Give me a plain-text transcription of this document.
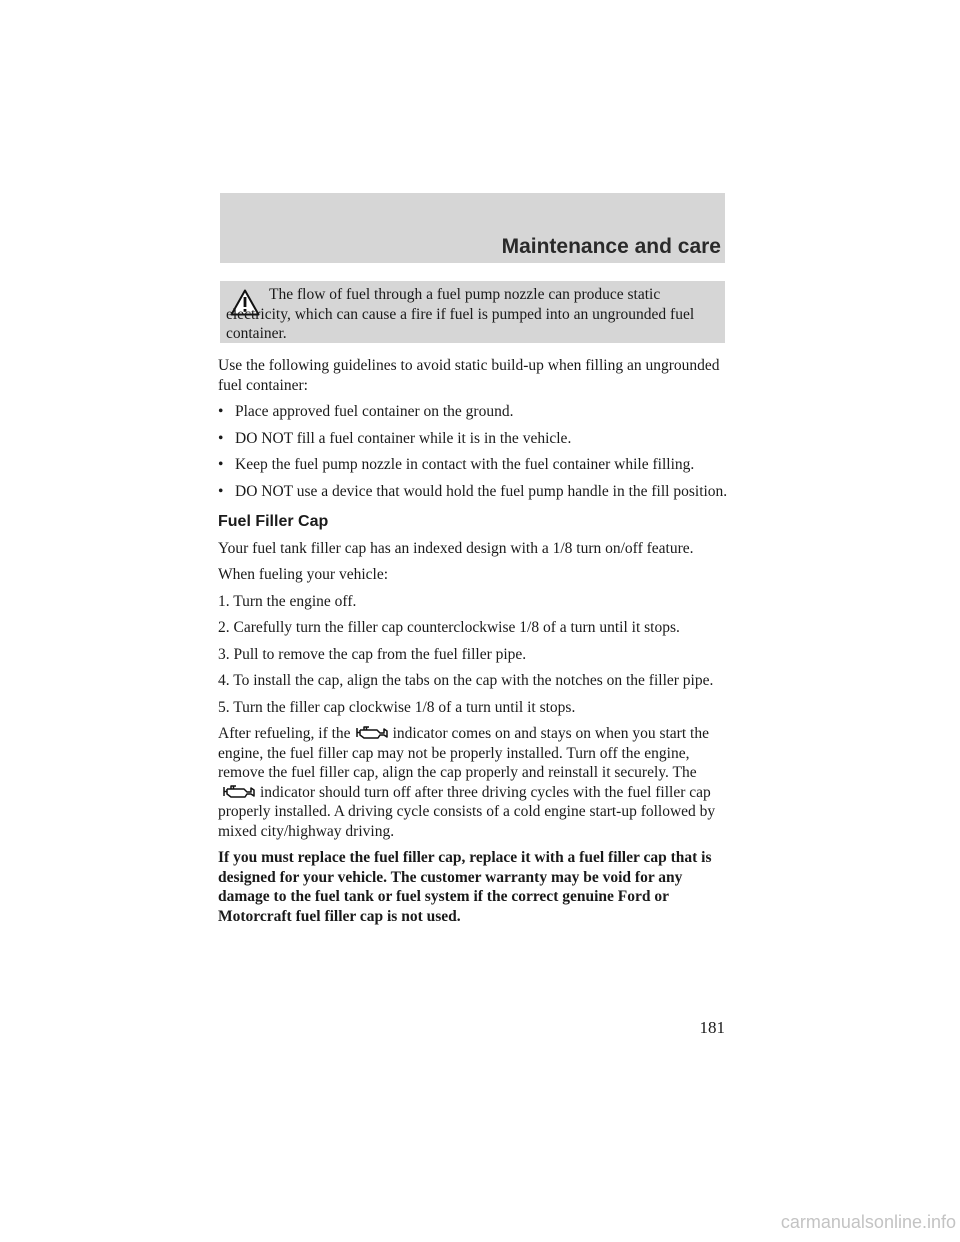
Maintenance and care

The flow of fuel through a fuel pump nozzle can produce static electricity, which can cause a fire if fuel is pumped into an ungrounded fuel container.

Use the following guidelines to avoid static build-up when filling an ungrounded fuel container:

• Place approved fuel container on the ground.
• DO NOT fill a fuel container while it is in the vehicle.
• Keep the fuel pump nozzle in contact with the fuel container while filling.
• DO NOT use a device that would hold the fuel pump handle in the fill position.
Fuel Filler Cap

Your fuel tank filler cap has an indexed design with a 1/8 turn on/off feature.

When fueling your vehicle:

1. Turn the engine off.

2. Carefully turn the filler cap counterclockwise 1/8 of a turn until it stops.

3. Pull to remove the cap from the fuel filler pipe.

4. To install the cap, align the tabs on the cap with the notches on the filler pipe.

5. Turn the filler cap clockwise 1/8 of a turn until it stops.

After refueling, if the	indicator comes on and stays on when you start the engine, the fuel filler cap may not be properly installed. Turn off the engine, remove the fuel filler cap, align the cap properly and reinstall it securely. Theindicator should turn off after three driving cycles with the fuel filler cap properly installed. A driving cycle consists of a cold engine start-up followed by mixed city/highway driving.

If you must replace the fuel filler cap, replace it with a fuel filler cap that is designed for your vehicle. The customer warranty may be void for any damage to the fuel tank or fuel system if the correct genuine Ford or Motorcraft fuel filler cap is not used.

181
carmanualsonline.info
